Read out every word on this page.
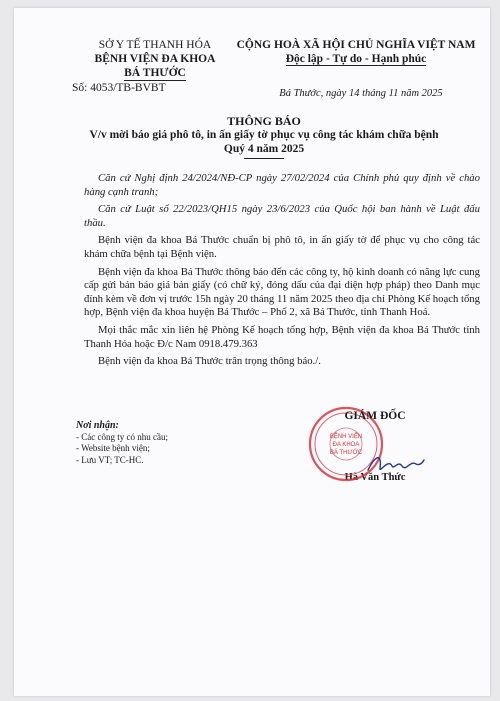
SỞ Y TẾ THANH HÓA
BỆNH VIỆN ĐA KHOA
BÁ THƯỚC
Số: 4053/TB-BVBT
CỘNG HOÀ XÃ HỘI CHỦ NGHĨA VIỆT NAM
Độc lập - Tự do - Hạnh phúc
Bá Thước, ngày 14 tháng 11 năm 2025
THÔNG BÁO
V/v mời báo giá phô tô, in ấn giấy tờ phục vụ công tác khám chữa bệnh
Quý 4 năm 2025

Căn cứ Nghị định 24/2024/NĐ-CP ngày 27/02/2024 của Chính phủ quy định về chào hàng cạnh tranh;

Căn cứ Luật số 22/2023/QH15 ngày 23/6/2023 của Quốc hội ban hành về Luật đấu thầu.

Bệnh viện đa khoa Bá Thước chuẩn bị phô tô, in ấn giấy tờ để phục vụ cho công tác khám chữa bệnh tại Bệnh viện.

Bệnh viện đa khoa Bá Thước thông báo đến các công ty, hộ kinh doanh có năng lực cung cấp gửi bản báo giá bản giấy (có chữ ký, đóng dấu của đại diện hợp pháp) theo Danh mục đính kèm về đơn vị trước 15h ngày 20 tháng 11 năm 2025 theo địa chỉ Phòng Kế hoạch tổng hợp, Bệnh viện đa khoa huyện Bá Thước – Phố 2, xã Bá Thước, tỉnh Thanh Hoá.

Mọi thắc mắc xin liên hệ Phòng Kế hoạch tổng hợp, Bệnh viện đa khoa Bá Thước tỉnh Thanh Hóa hoặc Đ/c Nam 0918.479.363

Bệnh viện đa khoa Bá Thước trân trọng thông báo./.

Nơi nhận:
- Các công ty có nhu cầu;
- Website bệnh viện;
- Lưu VT; TC-HC.
BỆNH VIỆN
ĐA KHOA
BÁ THƯỚC
GIÁM ĐỐC
Hà Văn Thức
